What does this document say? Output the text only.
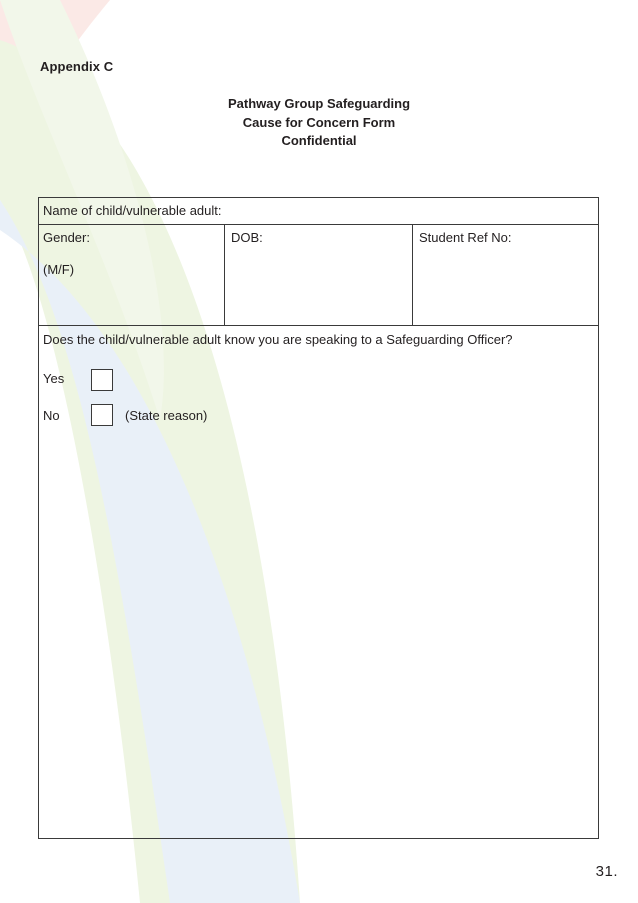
Appendix C
Pathway Group Safeguarding
Cause for Concern Form
Confidential
Name of child/vulnerable adult:
Gender:
(M/F)
DOB:	Student Ref No:
Does the child/vulnerable adult know you are speaking to a Safeguarding Officer?
Yes
No	(State reason)
31.
